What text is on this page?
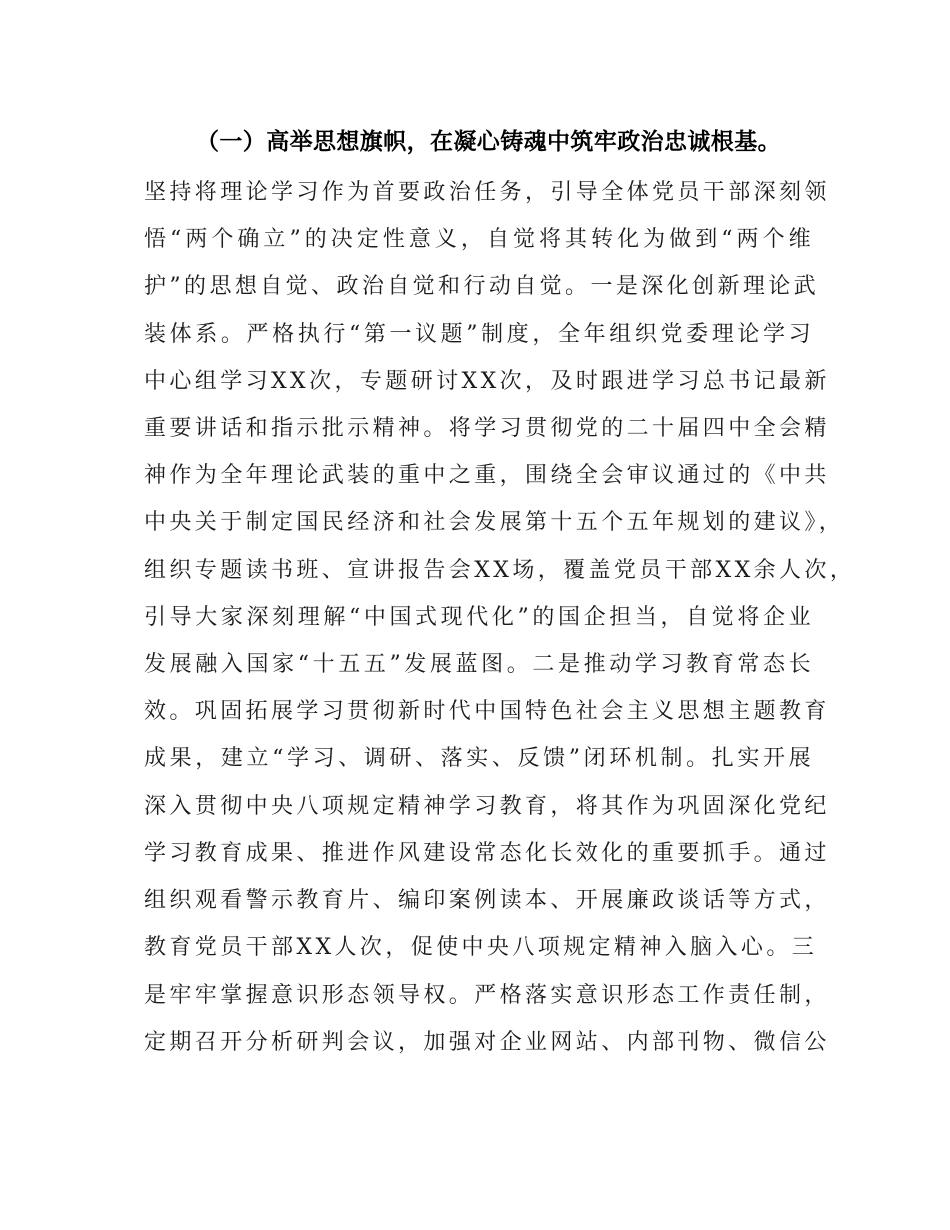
（一）高举思想旗帜，在凝心铸魂中筑牢政治忠诚根基。
坚持将理论学习作为首要政治任务，引导全体党员干部深刻领
悟“两个确立”的决定性意义，自觉将其转化为做到“两个维
护”的思想自觉、政治自觉和行动自觉。一是深化创新理论武
装体系。严格执行“第一议题”制度，全年组织党委理论学习
中心组学习XX次，专题研讨XX次，及时跟进学习总书记最新
重要讲话和指示批示精神。将学习贯彻党的二十届四中全会精
神作为全年理论武装的重中之重，围绕全会审议通过的《中共
中央关于制定国民经济和社会发展第十五个五年规划的建议》，
组织专题读书班、宣讲报告会XX场，覆盖党员干部XX余人次，
引导大家深刻理解“中国式现代化”的国企担当，自觉将企业
发展融入国家“十五五”发展蓝图。二是推动学习教育常态长
效。巩固拓展学习贯彻新时代中国特色社会主义思想主题教育
成果，建立“学习、调研、落实、反馈”闭环机制。扎实开展
深入贯彻中央八项规定精神学习教育，将其作为巩固深化党纪
学习教育成果、推进作风建设常态化长效化的重要抓手。通过
组织观看警示教育片、编印案例读本、开展廉政谈话等方式，
教育党员干部XX人次，促使中央八项规定精神入脑入心。三
是牢牢掌握意识形态领导权。严格落实意识形态工作责任制，
定期召开分析研判会议，加强对企业网站、内部刊物、微信公
